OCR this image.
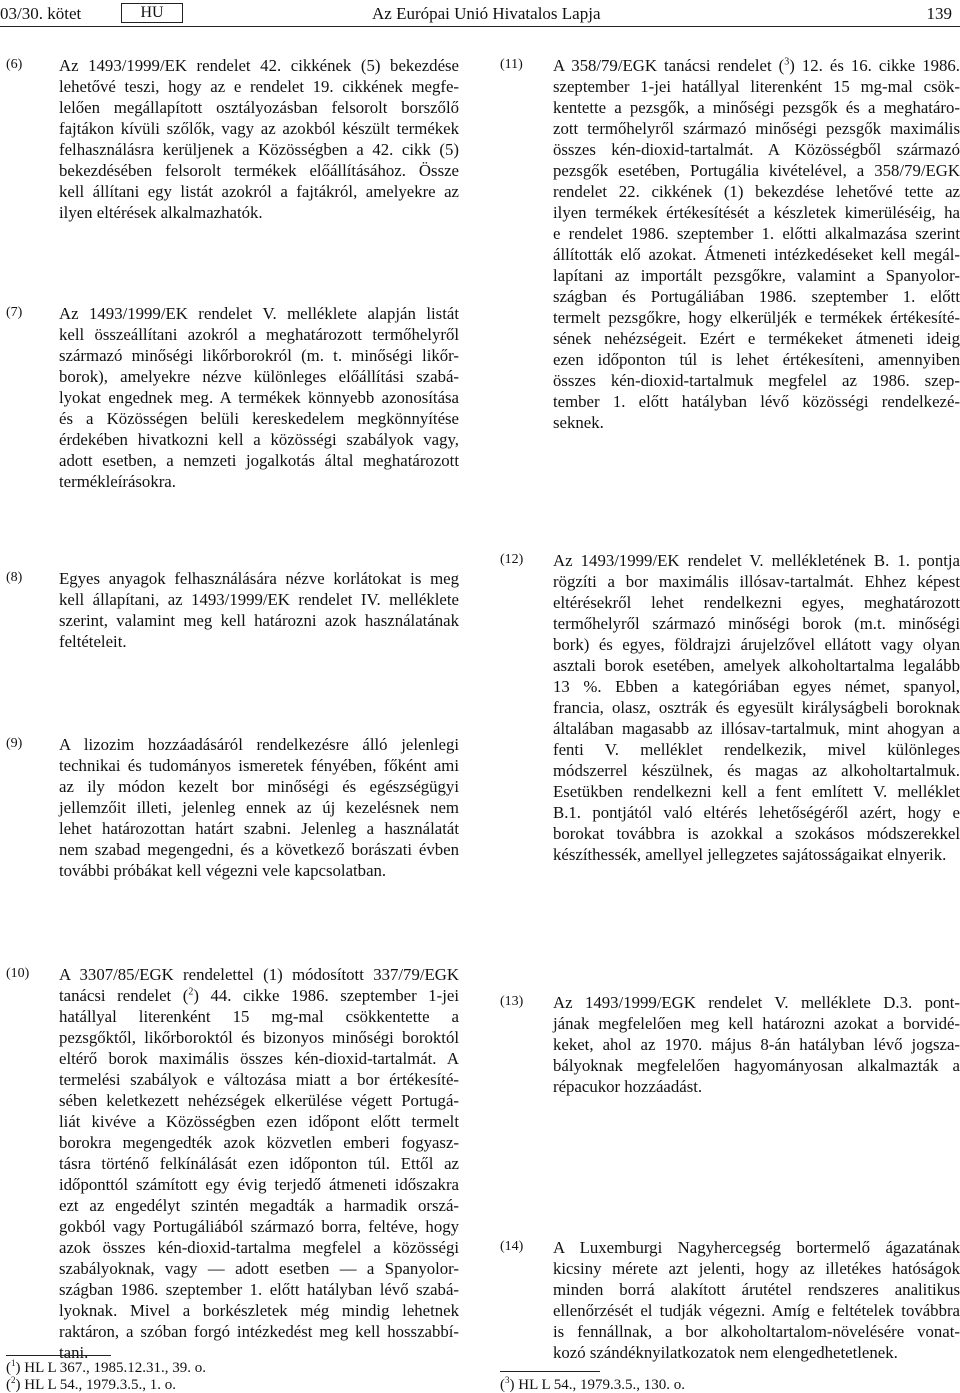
03/30. kötet	HU	Az Európai Unió Hivatalos Lapja	139
(6) Az 1493/1999/EK rendelet 42. cikkének (5) bekezdése
lehetővé teszi, hogy az e rendelet 19. cikkének megfe-
lelően megállapított osztályozásban felsorolt borszőlő
fajtákon kívüli szőlők, vagy az azokból készült termékek
felhasználásra kerüljenek a Közösségben a 42. cikk (5)
bekezdésében felsorolt termékek előállításához. Össze
kell állítani egy listát azokról a fajtákról, amelyekre az
ilyen eltérések alkalmazhatók.
(7) Az 1493/1999/EK rendelet V. melléklete alapján listát
kell összeállítani azokról a meghatározott termőhelyről
származó minőségi likőrborokról (m. t. minőségi likőr-
borok), amelyekre nézve különleges előállítási szabá-
lyokat engednek meg. A termékek könnyebb azonosítása
és a Közösségen belüli kereskedelem megkönnyítése
érdekében hivatkozni kell a közösségi szabályok vagy,
adott esetben, a nemzeti jogalkotás által meghatározott
termékleírásokra.
(8) Egyes anyagok felhasználására nézve korlátokat is meg
kell állapítani, az 1493/1999/EK rendelet IV. melléklete
szerint, valamint meg kell határozni azok használatának
feltételeit.
(9) A lizozim hozzáadásáról rendelkezésre álló jelenlegi
technikai és tudományos ismeretek fényében, főként ami
az ily módon kezelt bor minőségi és egészségügyi
jellemzőit illeti, jelenleg ennek az új kezelésnek nem
lehet határozottan határt szabni. Jelenleg a használatát
nem szabad megengedni, és a következő borászati évben
további próbákat kell végezni vele kapcsolatban.
(10) A 3307/85/EGK rendelettel (1) módosított 337/79/EGK
tanácsi rendelet ($^2$) 44. cikke 1986. szeptember 1-jei
hatállyal literenként 15 mg-mal csökkentette a
pezsgőktől, likőrboroktól és bizonyos minőségi boroktól
eltérő borok maximális összes kén-dioxid-tartalmát. A
termelési szabályok e változása miatt a bor értékesíté-
sében keletkezett nehézségek elkerülése végett Portugá-
liát kivéve a Közösségben ezen időpont előtt termelt
borokra megengedték azok közvetlen emberi fogyasz-
tásra történő felkínálását ezen időponton túl. Ettől az
időponttól számított egy évig terjedő átmeneti időszakra
ezt az engedélyt szintén megadták a harmadik orszá-
gokból vagy Portugáliából származó borra, feltéve, hogy
azok összes kén-dioxid-tartalma megfelel a közösségi
szabályoknak, vagy — adott esetben — a Spanyolor-
szágban 1986. szeptember 1. előtt hatályban lévő szabá-
lyoknak. Mivel a borkészletek még mindig lehetnek
raktáron, a szóban forgó intézkedést meg kell hosszabbí-
tani.
(11) A 358/79/EGK tanácsi rendelet ($^3$) 12. és 16. cikke 1986.
szeptember 1-jei hatállyal literenként 15 mg-mal csök-
kentette a pezsgők, a minőségi pezsgők és a meghatáro-
zott termőhelyről származó minőségi pezsgők maximális
összes kén-dioxid-tartalmát. A Közösségből származó
pezsgők esetében, Portugália kivételével, a 358/79/EGK
rendelet 22. cikkének (1) bekezdése lehetővé tette az
ilyen termékek értékesítését a készletek kimerüléséig, ha
e rendelet 1986. szeptember 1. előtti alkalmazása szerint
állították elő azokat. Átmeneti intézkedéseket kell megál-
lapítani az importált pezsgőkre, valamint a Spanyolor-
szágban és Portugáliában 1986. szeptember 1. előtt
termelt pezsgőkre, hogy elkerüljék e termékek értékesíté-
sének nehézségeit. Ezért e termékeket átmeneti ideig
ezen időponton túl is lehet értékesíteni, amennyiben
összes kén-dioxid-tartalmuk megfelel az 1986. szep-
tember 1. előtt hatályban lévő közösségi rendelkezé-
seknek.
(12) Az 1493/1999/EK rendelet V. mellékletének B. 1. pontja
rögzíti a bor maximális illósav-tartalmát. Ehhez képest
eltérésekről lehet rendelkezni egyes, meghatározott
termőhelyről származó minőségi borok (m.t. minőségi
bork) és egyes, földrajzi árujelzővel ellátott vagy olyan
asztali borok esetében, amelyek alkoholtartalma legalább
13 %. Ebben a kategóriában egyes német, spanyol,
francia, olasz, osztrák és egyesült királyságbeli boroknak
általában magasabb az illósav-tartalmuk, mint ahogyan a
fenti V. melléklet rendelkezik, mivel különleges
módszerrel készülnek, és magas az alkoholtartalmuk.
Esetükben rendelkezni kell a fent említett V. melléklet
B.1. pontjától való eltérés lehetőségéről azért, hogy e
borokat továbbra is azokkal a szokásos módszerekkel
készíthessék, amellyel jellegzetes sajátosságaikat elnyerik.
(13) Az 1493/1999/EGK rendelet V. melléklete D.3. pont-
jának megfelelően meg kell határozni azokat a borvidé-
keket, ahol az 1970. május 8-án hatályban lévő jogsza-
bályoknak megfelelően hagyományosan alkalmazták a
répacukor hozzáadást.
(14) A Luxemburgi Nagyhercegség bortermelő ágazatának
kicsiny mérete azt jelenti, hogy az illetékes hatóságok
minden borrá alakított árutétel rendszeres analitikus
ellenőrzését el tudják végezni. Amíg e feltételek továbbra
is fennállnak, a bor alkoholtartalom-növelésére vonat-
kozó szándéknyilatkozatok nem elengedhetetlenek.
($^1$) HL L 367., 1985.12.31., 39. o.
($^2$) HL L 54., 1979.3.5., 1. o.	($^3$) HL L 54., 1979.3.5., 130. o.
